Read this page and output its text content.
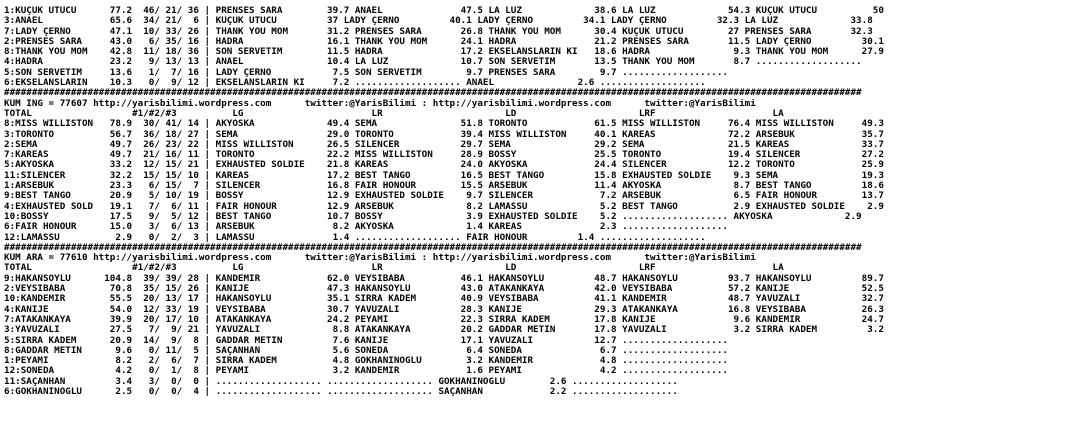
1:KÜÇÜK ÜTÜCÜ      77.2  46/ 21/ 36 | PRENSES SARA        39.7 ANAEL              47.5 LA LUZ             38.6 LA LUZ             54.3 KÜÇÜK ÜTÜCÜ          50
3:ANAEL            65.6  34/ 21/  6 | KÜÇÜK ÜTÜCÜ         37 LADY ÇERNO         40.1 LADY ÇERNO         34.1 LADY ÇERNO         32.3 LA LUZ             33.8
7:LADY ÇERNO       47.1  10/ 33/ 26 | THANK YOU MOM       31.2 PRENSES SARA       26.8 THANK YOU MOM      30.4 KÜÇÜK ÜTÜCÜ        27 PRENSES SARA       32.3
2:PRENSES SARA     43.0   6/ 35/ 16 | HADRA               16.1 THANK YOU MOM      24.1 HADRA              21.2 PRENSES SARA       11.5 LADY ÇERNO         30.1
8:THANK YOU MOM    42.8  11/ 18/ 36 | SON SERVETİM        11.5 HADRA              17.2 EKSELANSLARIN KI   18.6 HADRA               9.3 THANK YOU MOM      27.9
4:HADRA            23.2   9/ 13/ 13 | ANAEL               10.4 LA LUZ             10.7 SON SERVETİM       13.5 THANK YOU MOM       8.7 ...................
5:SON SERVETİM     13.6   1/  7/ 16 | LADY ÇERNO           7.5 SON SERVETİM        9.7 PRENSES SARA        9.7 ...................
6:EKSELANSLARIN    10.3   0/  9/ 12 | EKSELANSLARIN KI     7.2 ................... ANAEL               2.6 ...................
##########################################################################################################################################################
KUM İNG = 77607 http://yarisbilimi.wordpress.com      twitter:@YarisBilimi : http://yarisbilimi.wordpress.com      twitter:@YarisBilimi
TOTAL                  #1/#2/#3          LG                       LR                      LD                      LRF                     LA
8:MISS WILLISTON   78.9  30/ 41/ 14 | AKYOSKA             49.4 SEMA               51.8 TORONTO            61.5 MISS WILLISTON     76.4 MISS WILLISTON     49.3
3:TORONTO          56.7  36/ 18/ 27 | SEMA                29.0 TORONTO            39.4 MISS WILLISTON     40.1 KAREAS             72.2 ARSEBÜK            35.7
2:SEMA             49.7  26/ 23/ 22 | MISS WILLISTON      26.5 SILENCER           29.7 SEMA               29.2 SEMA               21.5 KAREAS             33.7
7:KAREAS           49.7  21/ 16/ 11 | TORONTO             22.2 MISS WILLISTON     28.9 BOSSY              25.5 TORONTO            19.4 SILENCER           27.2
5:AKYOSKA          33.2  12/ 15/ 21 | EXHAUSTED SOLDIE    21.8 KAREAS             24.0 AKYOSKA            24.4 SILENCER           12.2 TORONTO            25.9
11:SILENCER        32.2  15/ 15/ 10 | KAREAS              17.2 BEST TANGO         16.5 BEST TANGO         15.8 EXHAUSTED SOLDIE    9.3 SEMA               19.3
1:ARSEBÜK          23.3   6/ 15/  7 | SILENCER            16.8 FAIR HONOUR        15.5 ARSEBÜK            11.4 AKYOSKA             8.7 BEST TANGO         18.6
9:BEST TANGO       20.9   5/ 10/ 19 | BOSSY               12.9 EXHAUSTED SOLDIE    9.7 SILENCER            7.2 ARSEBÜK             6.5 FAIR HONOUR        13.7
4:EXHAUSTED SOLD   19.1   7/  6/ 11 | FAIR HONOUR         12.9 ARSEBÜK             8.2 LAMASSU             5.2 BEST TANGO          2.9 EXHAUSTED SOLDIE    2.9
10:BOSSY           17.5   9/  5/ 12 | BEST TANGO          10.7 BOSSY               3.9 EXHAUSTED SOLDIE    5.2 ................... AKYOSKA             2.9
6:FAIR HONOUR      15.0   3/  6/ 13 | ARSEBÜK              8.2 AKYOSKA             1.4 KAREAS              2.3 ...................
12:LAMASSU          2.9   0/  2/  3 | LAMASSU              1.4 ................... FAIR HONOUR         1.4 ...................
##########################################################################################################################################################
KUM ARA = 77610 http://yarisbilimi.wordpress.com      twitter:@YarisBilimi : http://yarisbilimi.wordpress.com      twitter:@YarisBilimi
TOTAL                  #1/#2/#3          LG                       LR                      LD                      LRF                     LA
9:HAKANSOYLU      104.8  39/ 39/ 28 | KANDEMİR            62.0 VEYSİBABA          46.1 HAKANSOYLU         48.7 HAKANSOYLU         93.7 HAKANSOYLU         89.7
2:VEYSİBABA        70.8  35/ 15/ 26 | KANİJE              47.3 HAKANSOYLU         43.0 ATAKANKAYA         42.0 VEYSİBABA          57.2 KANİJE             52.5
10:KANDEMİR        55.5  20/ 13/ 17 | HAKANSOYLU          35.1 SIRRA KADEM        40.9 VEYSİBABA          41.1 KANDEMİR           48.7 YAVUZALİ           32.7
4:KANİJE           54.0  12/ 33/ 19 | VEYSİBABA           30.7 YAVUZALİ           28.3 KANİJE             29.3 ATAKANKAYA         16.8 VEYSİBABA          26.3
7:ATAKANKAYA       39.9  20/ 17/ 10 | ATAKANKAYA          24.2 PEYAMİ             22.3 SIRRA KADEM        17.8 KANİJE              9.6 KANDEMİR           24.7
3:YAVUZALİ         27.5   7/  9/ 21 | YAVUZALİ             8.8 ATAKANKAYA         20.2 GADDAR METİN       17.8 YAVUZALİ            3.2 SIRRA KADEM         3.2
5:SIRRA KADEM      20.9  14/  9/  8 | GADDAR METİN         7.6 KANİJE             17.1 YAVUZALİ           12.7 ...................
8:GADDAR METİN      9.6   0/ 11/  5 | SAÇANHAN             5.6 SONEDA              6.4 SONEDA              6.7 ...................
1:PEYAMİ            8.2   2/  6/  7 | SIRRA KADEM          4.8 GÖKHANINOĞLU        3.2 KANDEMİR            4.8 ...................
12:SONEDA           4.2   0/  1/  8 | PEYAMİ               3.2 KANDEMİR            1.6 PEYAMİ              4.2 ...................
11:SAÇANHAN         3.4   3/  0/  0 | ................... ................... GÖKHANINOĞLU        2.6 ...................
6:GÖKHANINOĞLU      2.5   0/  0/  4 | ................... ................... SAÇANHAN            2.2 ...................
